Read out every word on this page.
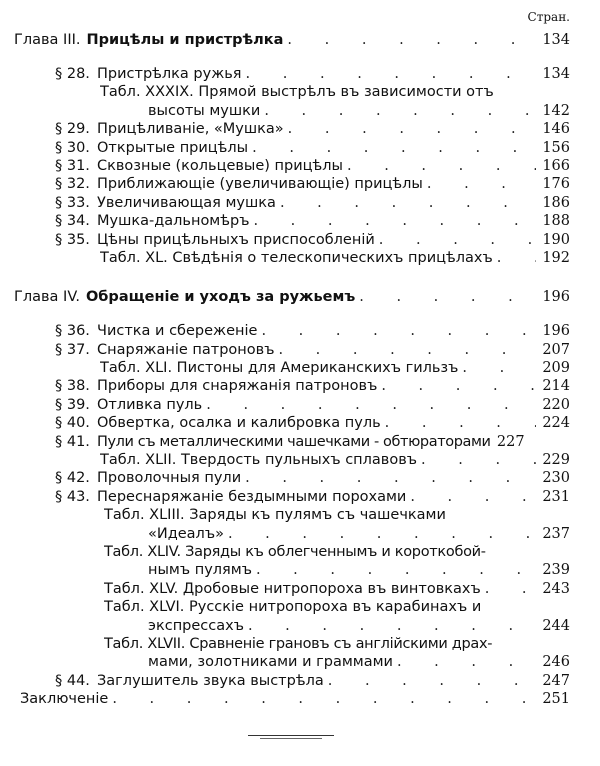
Стран.
Глава III. Прицѣлы и пристрѣлка . . .	134
§ 28. Пристрѣлка ружья . . .	134
Табл. XXXIX. Прямой выстрѣлъ въ зависимости отъ
высоты мушки . . .	142
§ 29. Прицѣливаніе, «Мушка» . . .	146
§ 30. Открытые прицѣлы . . .	156
§ 31. Сквозные (кольцевые) прицѣлы . . .	166
§ 32. Приближающіе (увеличивающіе) прицѣлы . . .	176
§ 33. Увеличивающая мушка . . .	186
§ 34. Мушка-дальномѣръ . . .	188
§ 35. Цѣны прицѣльныхъ приспособленій . . .	190
Табл. XL. Свѣдѣнія о телескопическихъ прицѣлахъ . . .	192
Глава IV. Обращеніе и уходъ за ружьемъ . . .	196
§ 36. Чистка и сбереженіе . . .	196
§ 37. Снаряжаніе патроновъ . . .	207
Табл. XLI. Пистоны для Американскихъ гильзъ . . .	209
§ 38. Приборы для снаряжанія патроновъ . . .	214
§ 39. Отливка пуль . . .	220
§ 40. Обвертка, осалка и калибровка пуль . . .	224
§ 41. Пули съ металлическими чашечками - обтюраторами 227
Табл. XLII. Твердость пульныхъ сплавовъ . . .	229
§ 42. Проволочныя пули . . .	230
§ 43. Переснаряжаніе бездымными порохами . . .	231
Табл. XLIII. Заряды къ пулямъ съ чашечками
«Идеалъ» . . .	237
Табл. XLIV. Заряды къ облегченнымъ и короткобой-
нымъ пулямъ . . .	239
Табл. XLV. Дробовые нитропороха въ винтовкахъ . . .	243
Табл. XLVI. Русскіе нитропороха въ карабинахъ и
экспрессахъ . . .	244
Табл. XLVII. Сравненіе грановъ съ англійскими драх-
мами, золотниками и граммами . . .	246
§ 44. Заглушитель звука выстрѣла . . .	247
Заключеніе . . .	251
